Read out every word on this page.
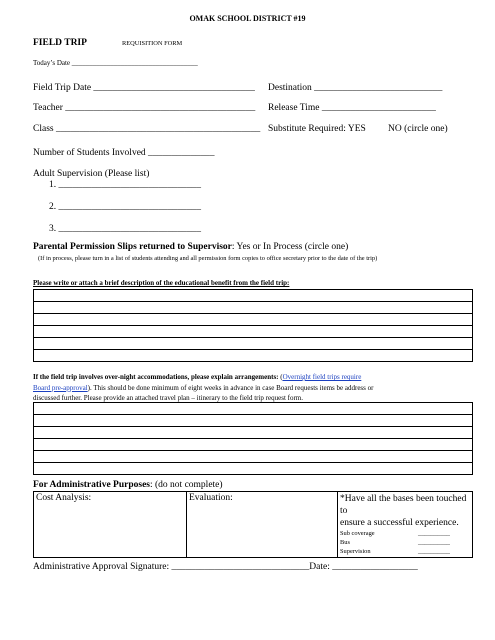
OMAK SCHOOL DISTRICT #19
FIELD TRIP	REQUISITION FORM
Today’s Date ____________________________________
Field Trip Date __________________________________ Destination ___________________________
Teacher ________________________________________ Release Time ________________________
Class ___________________________________________ Substitute Required: YES NO (circle one)
Number of Students Involved ______________
Adult Supervision (Please list)
1. ______________________________
2. ______________________________
3. ______________________________
Parental Permission Slips returned to Supervisor: Yes or In Process (circle one)
(If in process, please turn in a list of students attending and all permission form copies to office secretary prior to the date of the trip)
Please write or attach a brief description of the educational benefit from the field trip:
If the field trip involves over-night accommodations, please explain arrangements: (Overnight field trips require
Board pre-approval). This should be done minimum of eight weeks in advance in case Board requests items be address or
discussed further. Please provide an attached travel plan – itinerary to the field trip request form.
For Administrative Purposes: (do not complete)
Cost Analysis:	Evaluation:	*Have all the bases been touched to
ensure a successful experience.
Sub coverage	__________
Bus	__________
Supervision	__________
Administrative Approval Signature: _____________________________Date: __________________
